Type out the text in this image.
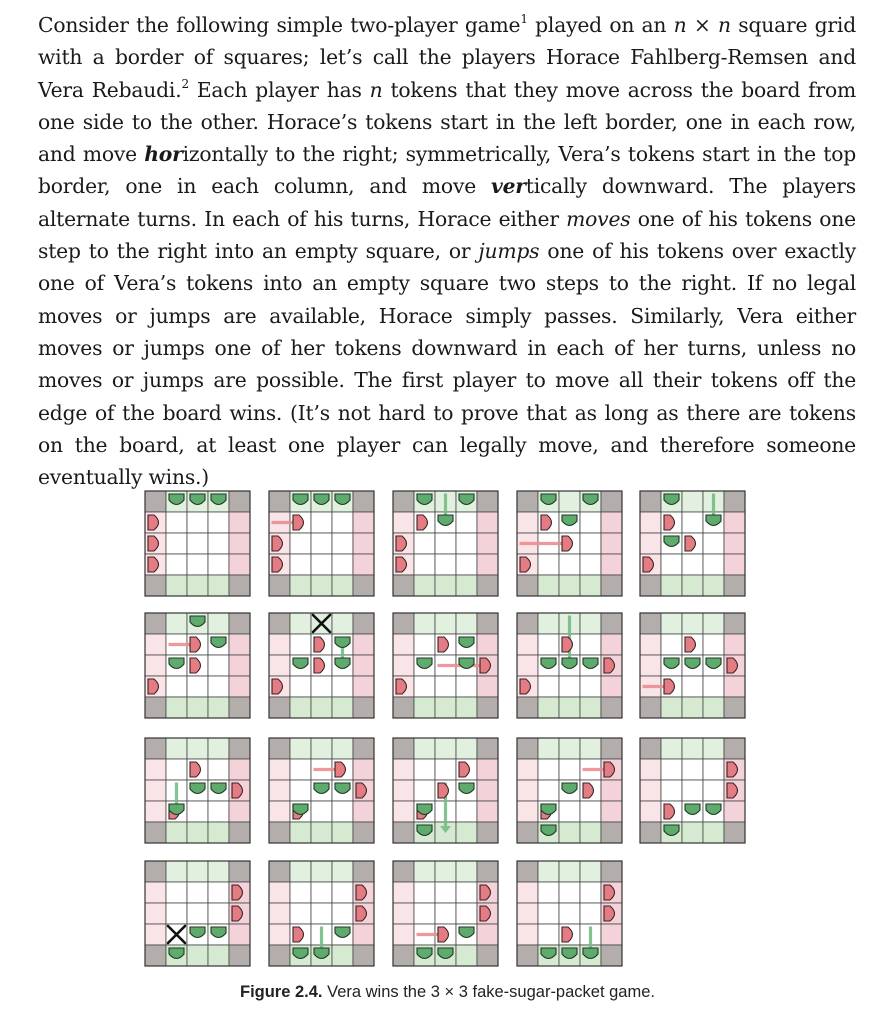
Consider the following simple two-player game$^1$ played on an n × n square grid with a border of squares; let’s call the players Horace Fahlberg-Remsen and Vera Rebaudi.$^2$ Each player has n tokens that they move across the board from one side to the other. Horace’s tokens start in the left border, one in each row, and move horizontally to the right; symmetrically, Vera’s tokens start in the top border, one in each column, and move vertically downward. The players alternate turns. In each of his turns, Horace either moves one of his tokens one step to the right into an empty square, or jumps one of his tokens over exactly one of Vera’s tokens into an empty square two steps to the right. If no legal moves or jumps are available, Horace simply passes. Similarly, Vera either moves or jumps one of her tokens downward in each of her turns, unless no moves or jumps are possible. The first player to move all their tokens off the edge of the board wins. (It’s not hard to prove that as long as there are tokens on the board, at least one player can legally move, and therefore someone eventually wins.)

Figure 2.4. Vera wins the 3 × 3 fake-sugar-packet game.
